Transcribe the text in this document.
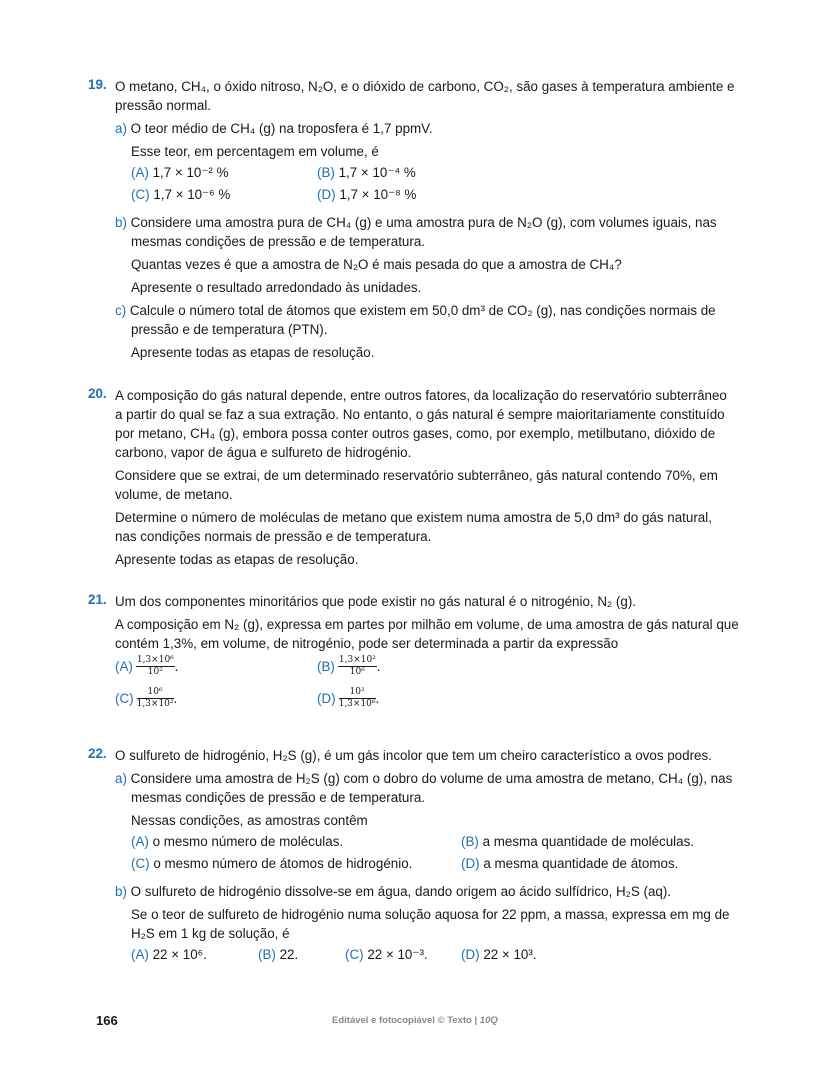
19. O metano, CH₄, o óxido nitroso, N₂O, e o dióxido de carbono, CO₂, são gases à temperatura ambiente e
pressão normal.
a) O teor médio de CH₄ (g) na troposfera é 1,7 ppmV.
Esse teor, em percentagem em volume, é
(A) 1,7 × 10⁻² %	(B) 1,7 × 10⁻⁴ %
(C) 1,7 × 10⁻⁶ %	(D) 1,7 × 10⁻⁸ %
b) Considere uma amostra pura de CH₄ (g) e uma amostra pura de N₂O (g), com volumes iguais, nas
mesmas condições de pressão e de temperatura.
Quantas vezes é que a amostra de N₂O é mais pesada do que a amostra de CH₄?
Apresente o resultado arredondado às unidades.
c) Calcule o número total de átomos que existem em 50,0 dm³ de CO₂ (g), nas condições normais de
pressão e de temperatura (PTN).
Apresente todas as etapas de resolução.
20. A composição do gás natural depende, entre outros fatores, da localização do reservatório subterrâneo
a partir do qual se faz a sua extração. No entanto, o gás natural é sempre maioritariamente constituído
por metano, CH₄ (g), embora possa conter outros gases, como, por exemplo, metilbutano, dióxido de
carbono, vapor de água e sulfureto de hidrogénio.
Considere que se extrai, de um determinado reservatório subterrâneo, gás natural contendo 70%, em
volume, de metano.
Determine o número de moléculas de metano que existem numa amostra de 5,0 dm³ do gás natural,
nas condições normais de pressão e de temperatura.
Apresente todas as etapas de resolução.
21. Um dos componentes minoritários que pode existir no gás natural é o nitrogénio, N₂ (g).
A composição em N₂ (g), expressa em partes por milhão em volume, de uma amostra de gás natural que
contém 1,3%, em volume, de nitrogénio, pode ser determinada a partir da expressão
$(A) \frac{\text{1,3×10⁶}}{\text{10²}}$ .	$(B) \frac{\text{1,3×10²}}{\text{10⁶}}$ .
$(C) \frac{\text{10⁶}}{\text{1,3×10²}}$ .	$(D) \frac{\text{10²}}{\text{1,3×10⁶}}$ .
22. O sulfureto de hidrogénio, H₂S (g), é um gás incolor que tem um cheiro característico a ovos podres.
a) Considere uma amostra de H₂S (g) com o dobro do volume de uma amostra de metano, CH₄ (g), nas
mesmas condições de pressão e de temperatura.
Nessas condições, as amostras contêm
(A) o mesmo número de moléculas.	(B) a mesma quantidade de moléculas.
(C) o mesmo número de átomos de hidrogénio.	(D) a mesma quantidade de átomos.
b) O sulfureto de hidrogénio dissolve-se em água, dando origem ao ácido sulfídrico, H₂S (aq).
Se o teor de sulfureto de hidrogénio numa solução aquosa for 22 ppm, a massa, expressa em mg de
H₂S em 1 kg de solução, é
(A) 22 × 10⁶.	(B) 22.	(C) 22 × 10⁻³. (D) 22 × 10³.
166	Editável e fotocopiável © Texto | 10Q
